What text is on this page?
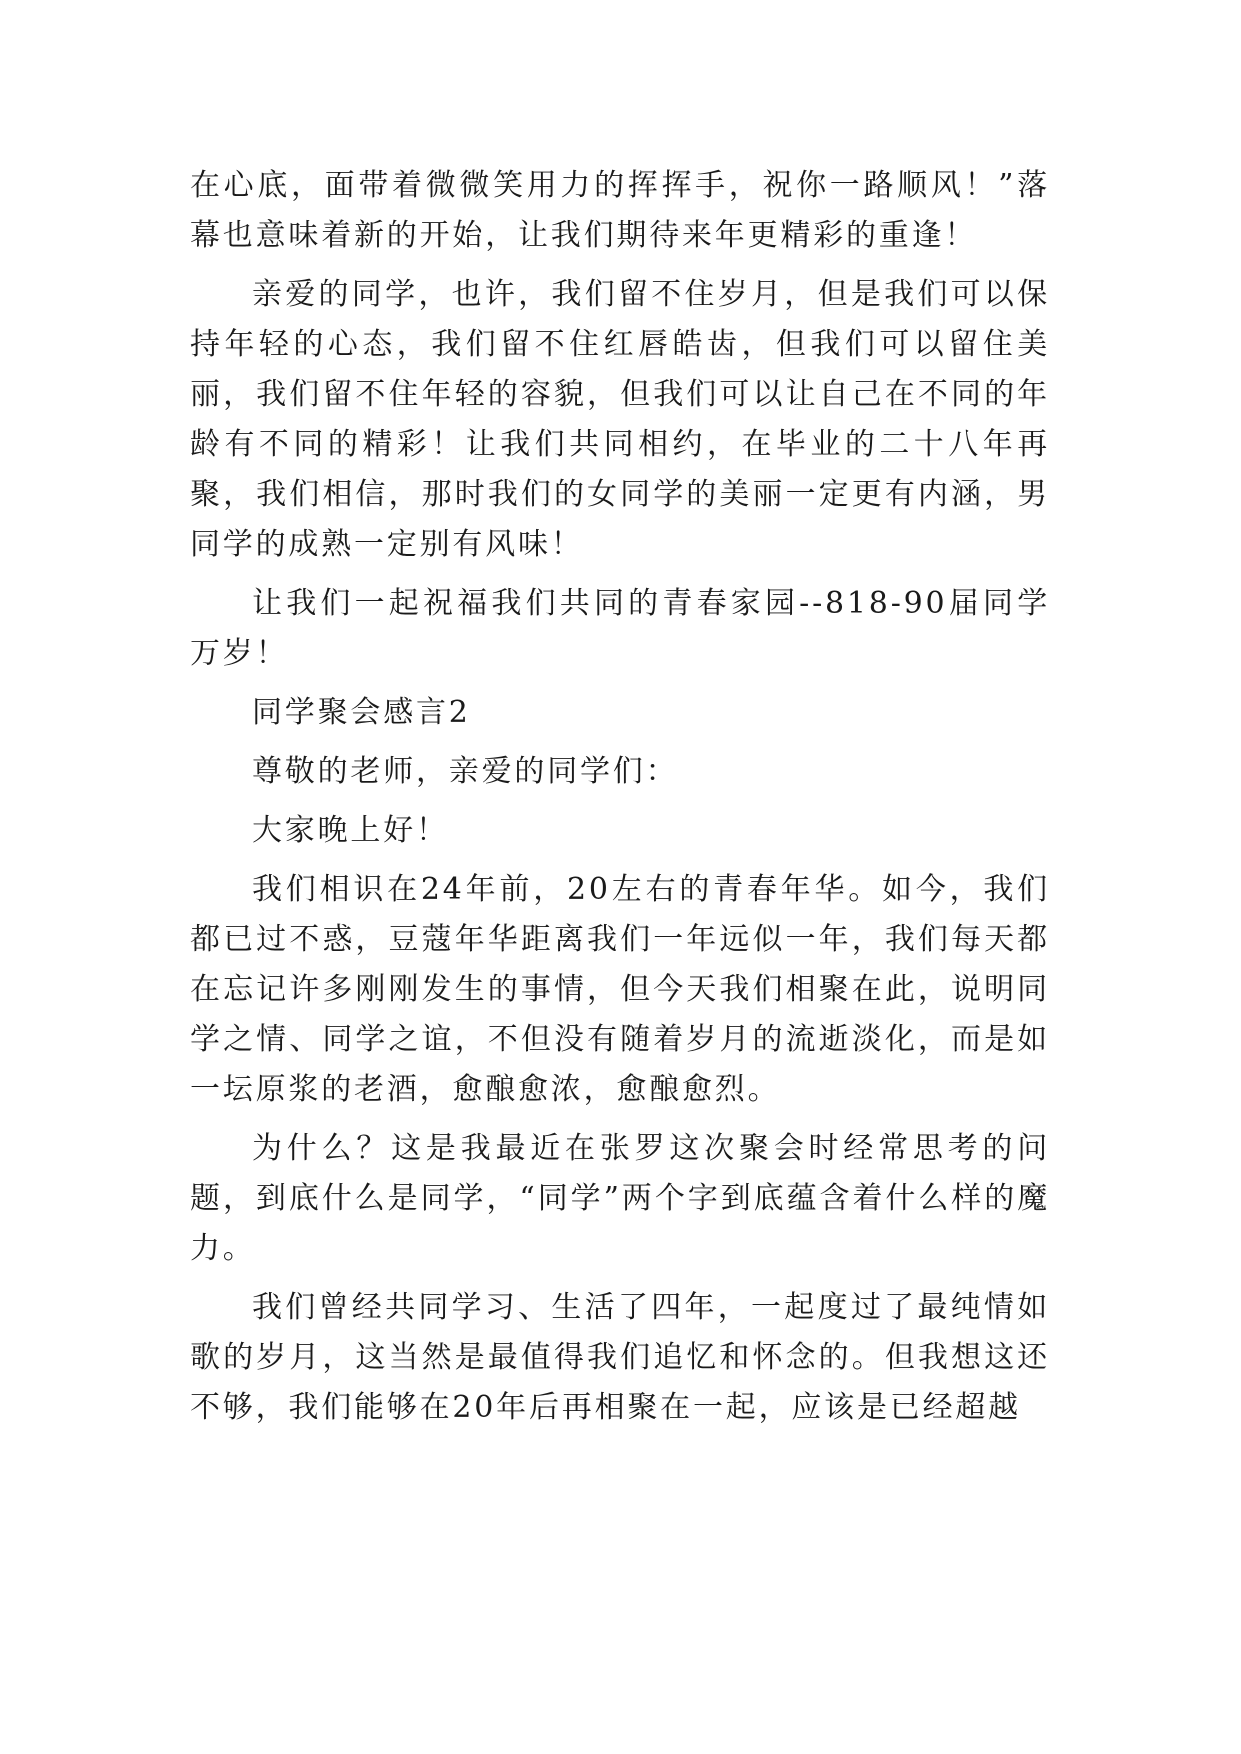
在心底，面带着微微笑用力的挥挥手，祝你一路顺风！”落幕也意味着新的开始，让我们期待来年更精彩的重逢！

亲爱的同学，也许，我们留不住岁月，但是我们可以保持年轻的心态，我们留不住红唇皓齿，但我们可以留住美丽，我们留不住年轻的容貌，但我们可以让自己在不同的年龄有不同的精彩！让我们共同相约，在毕业的二十八年再聚，我们相信，那时我们的女同学的美丽一定更有内涵，男同学的成熟一定别有风味！

让我们一起祝福我们共同的青春家园--818-90届同学万岁！

同学聚会感言2

尊敬的老师，亲爱的同学们：

大家晚上好！

我们相识在24年前，20左右的青春年华。如今，我们都已过不惑，豆蔻年华距离我们一年远似一年，我们每天都在忘记许多刚刚发生的事情，但今天我们相聚在此，说明同学之情、同学之谊，不但没有随着岁月的流逝淡化，而是如一坛原浆的老酒，愈酿愈浓，愈酿愈烈。

为什么？这是我最近在张罗这次聚会时经常思考的问题，到底什么是同学，“同学”两个字到底蕴含着什么样的魔力。

我们曾经共同学习、生活了四年，一起度过了最纯情如歌的岁月，这当然是最值得我们追忆和怀念的。但我想这还不够，我们能够在20年后再相聚在一起，应该是已经超越
